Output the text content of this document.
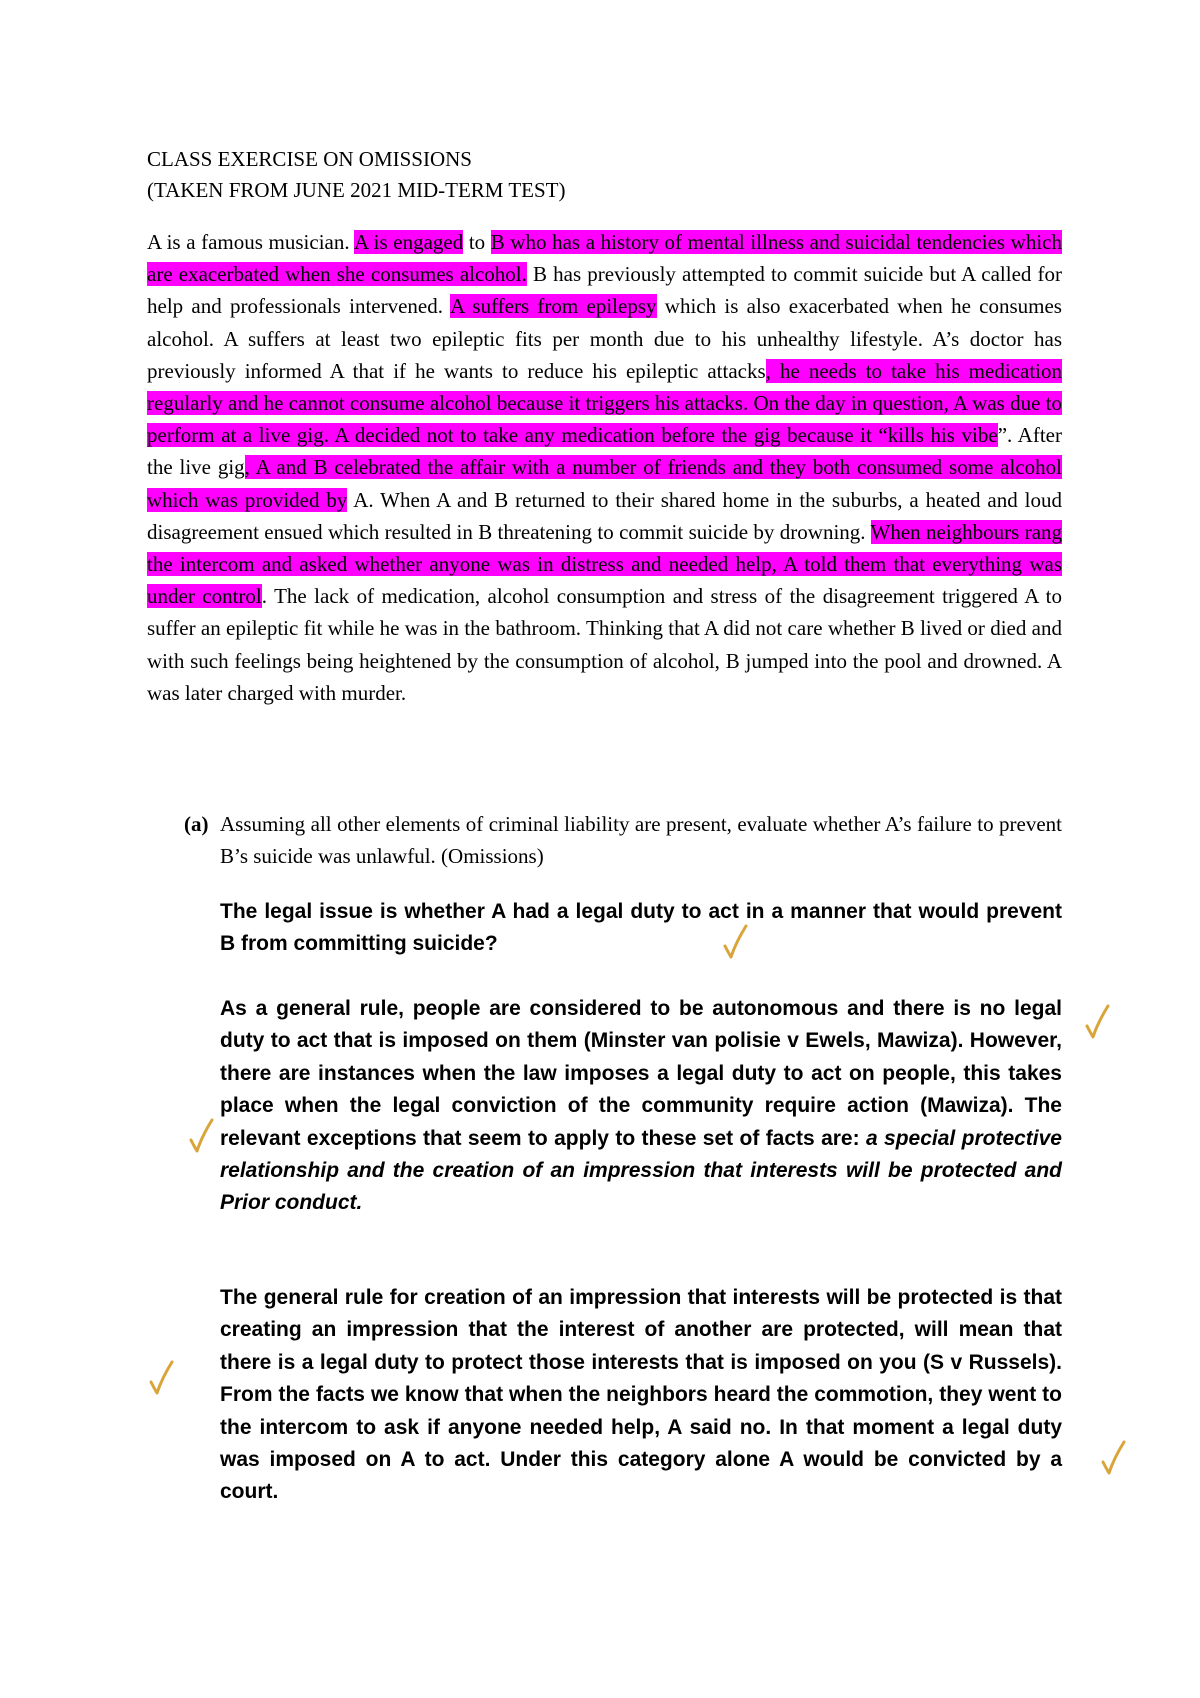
CLASS EXERCISE ON OMISSIONS
(TAKEN FROM JUNE 2021 MID-TERM TEST)

A is a famous musician. A is engaged to B who has a history of mental illness and suicidal tendencies which are exacerbated when she consumes alcohol. B has previously attempted to commit suicide but A called for help and professionals intervened. A suffers from epilepsy which is also exacerbated when he consumes alcohol. A suffers at least two epileptic fits per month due to his unhealthy lifestyle. A’s doctor has previously informed A that if he wants to reduce his epileptic attacks, he needs to take his medication regularly and he cannot consume alcohol because it triggers his attacks. On the day in question, A was due to perform at a live gig. A decided not to take any medication before the gig because it “kills his vibe”. After the live gig, A and B celebrated the affair with a number of friends and they both consumed some alcohol which was provided by A. When A and B returned to their shared home in the suburbs, a heated and loud disagreement ensued which resulted in B threatening to commit suicide by drowning. When neighbours rang the intercom and asked whether anyone was in distress and needed help, A told them that everything was under control. The lack of medication, alcohol consumption and stress of the disagreement triggered A to suffer an epileptic fit while he was in the bathroom. Thinking that A did not care whether B lived or died and with such feelings being heightened by the consumption of alcohol, B jumped into the pool and drowned. A was later charged with murder.

(a) Assuming all other elements of criminal liability are present, evaluate whether A’s failure to prevent B’s suicide was unlawful. (Omissions)

The legal issue is whether A had a legal duty to act in a manner that would prevent B from committing suicide?

As a general rule, people are considered to be autonomous and there is no legal duty to act that is imposed on them (Minster van polisie v Ewels, Mawiza). However, there are instances when the law imposes a legal duty to act on people, this takes place when the legal conviction of the community require action (Mawiza). The relevant exceptions that seem to apply to these set of facts are: a special protective relationship and the creation of an impression that interests will be protected and Prior conduct.

The general rule for creation of an impression that interests will be protected is that creating an impression that the interest of another are protected, will mean that there is a legal duty to protect those interests that is imposed on you (S v Russels). From the facts we know that when the neighbors heard the commotion, they went to the intercom to ask if anyone needed help, A said no. In that moment a legal duty was imposed on A to act. Under this category alone A would be convicted by a court.
